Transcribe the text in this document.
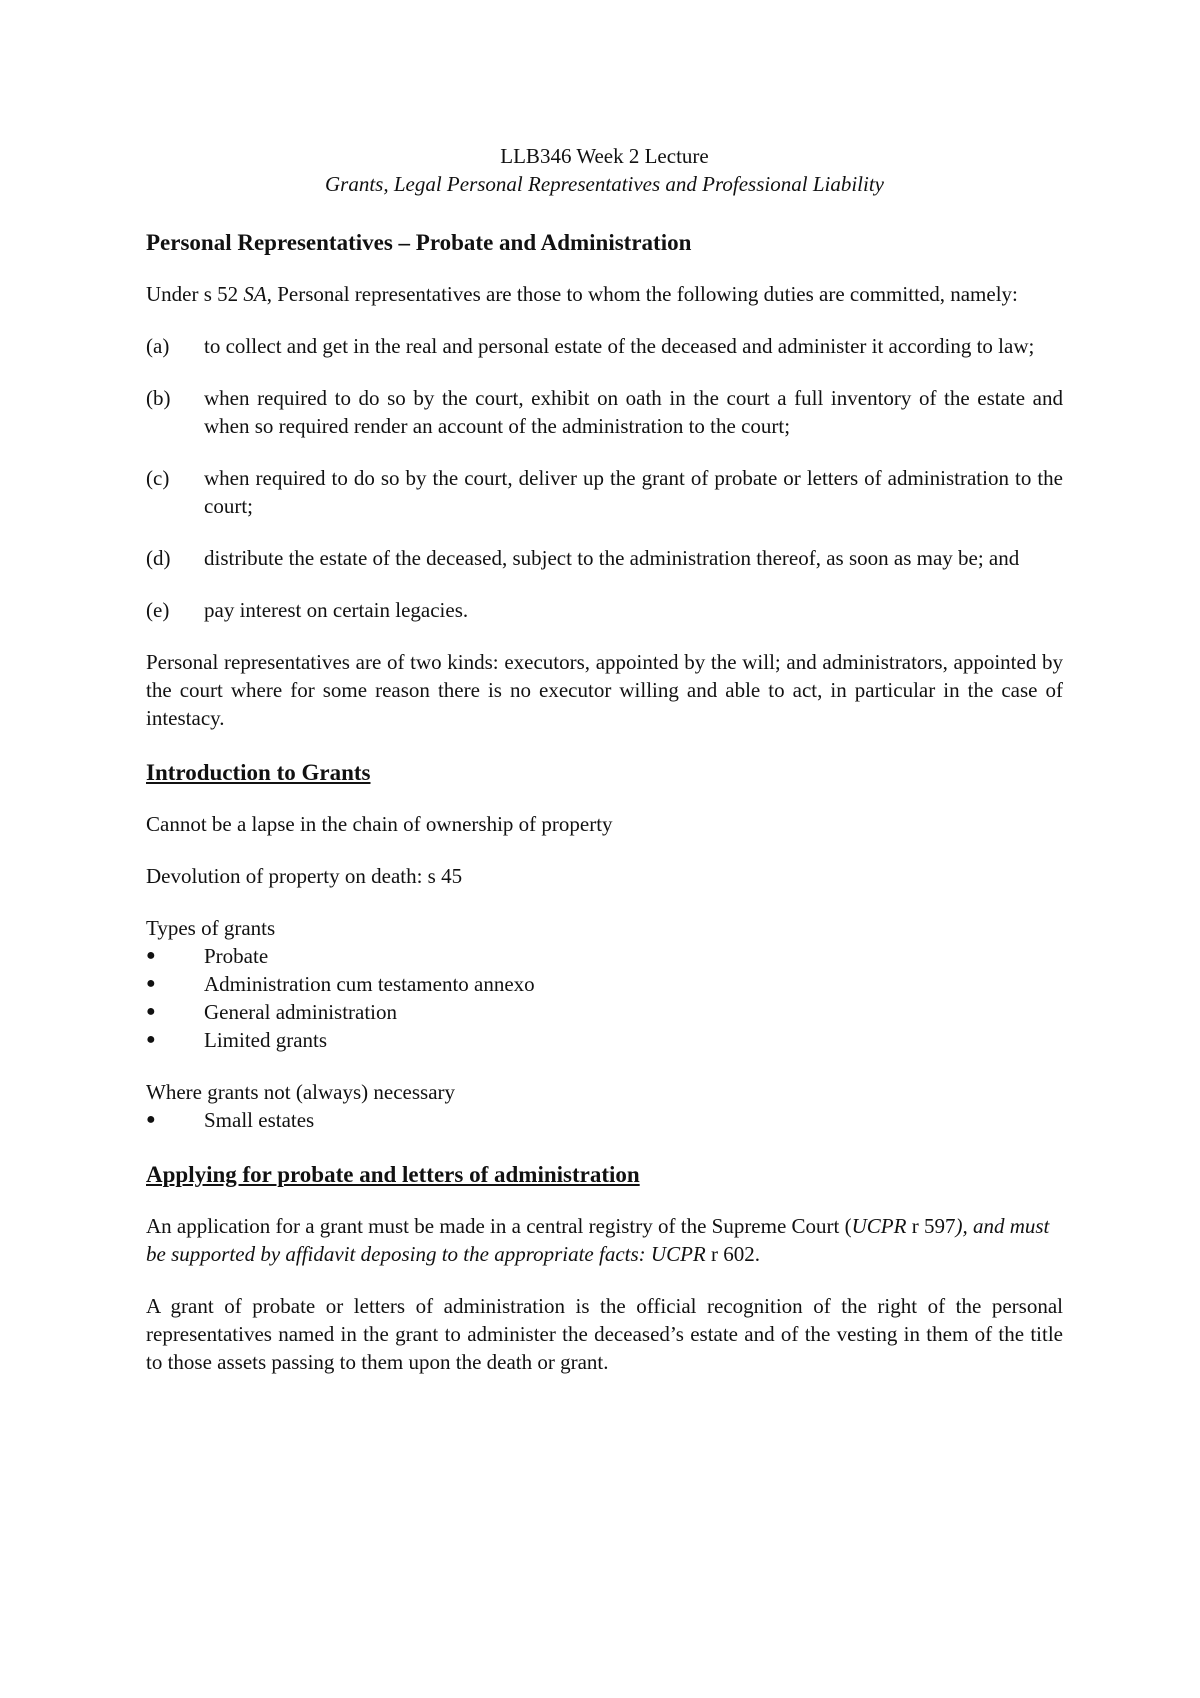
LLB346 Week 2 Lecture
Grants, Legal Personal Representatives and Professional Liability
Personal Representatives – Probate and Administration

Under s 52 SA, Personal representatives are those to whom the following duties are committed, namely:

(a)	to collect and get in the real and personal estate of the deceased and administer it according to law;
(b)	when required to do so by the court, exhibit on oath in the court a full inventory of the estate and when so required render an account of the administration to the court;
(c)	when required to do so by the court, deliver up the grant of probate or letters of administration to the court;
(d)	distribute the estate of the deceased, subject to the administration thereof, as soon as may be; and
(e)	pay interest on certain legacies.

Personal representatives are of two kinds: executors, appointed by the will; and administrators, appointed by the court where for some reason there is no executor willing and able to act, in particular in the case of intestacy.

Introduction to Grants

Cannot be a lapse in the chain of ownership of property

Devolution of property on death: s 45

Types of grants

●	Probate
●	Administration cum testamento annexo
●	General administration
●	Limited grants

Where grants not (always) necessary

●	Small estates
Applying for probate and letters of administration

An application for a grant must be made in a central registry of the Supreme Court (UCPR r 597), and must be supported by affidavit deposing to the appropriate facts: UCPR r 602.

A grant of probate or letters of administration is the official recognition of the right of the personal representatives named in the grant to administer the deceased’s estate and of the vesting in them of the title to those assets passing to them upon the death or grant.
